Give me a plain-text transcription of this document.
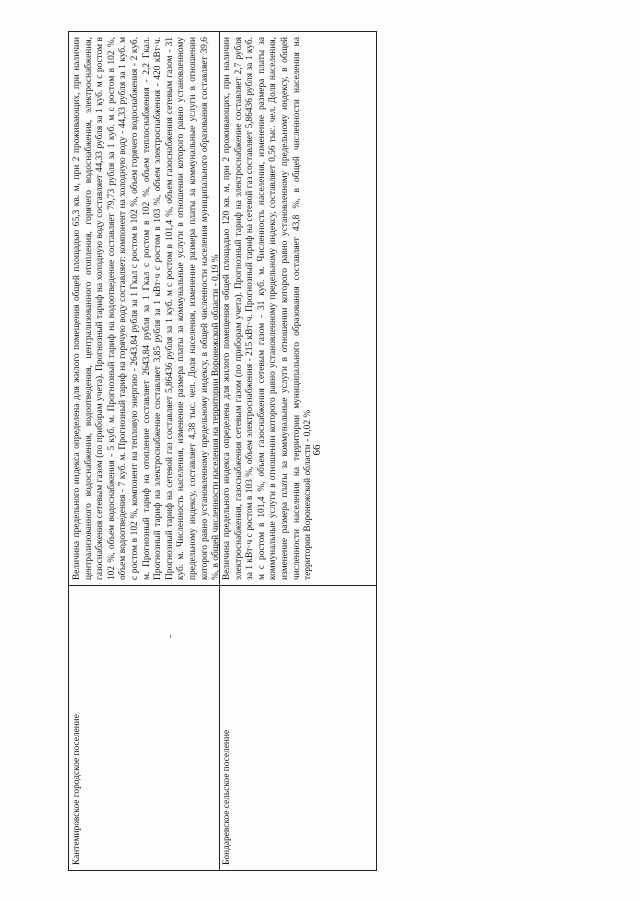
66
Кантемировское городское поселение
Величина предельного индекса определена для жилого помещения общей площадью 65,3 кв. м, при 2 проживающих, при наличии централизованного водоснабжения, водоотведения, централизованного отопления, горячего водоснабжения, электроснабжения, газоснабжения сетевым газом (по приборам учета). Прогнозный тариф на холодную воду составляет 44,33 рубля за 1 куб. м с ростом в 102 %, объем водоснабжения - 5 куб. м. Прогнозный тариф на водоотведение составляет 79,73 рубля за 1 куб. м с ростом в 102 %, объем водоотведения - 7 куб. м. Прогнозный тариф на горячую воду составляет: компонент на холодную воду - 44,33 рубля за 1 куб. м с ростом в 102 %, компонент на тепловую энергию - 2643,84 рубля за 1 Гкал с ростом в 102 %, объем горячего водоснабжения - 2 куб. м. Прогнозный тариф на отопление составляет 2643,84 рубля за 1 Гкал с ростом в 102 %, объем теплоснабжения - 2,2 Гкал. Прогнозный тариф на электроснабжение составляет 3,85 рубля за 1 кВт·ч с ростом в 103 %, объем электроснабжения - 420 кВт·ч. Прогнозный тариф на сетевой газ составляет 5,86436 рубля за 1 куб. м с ростом в 101,4 %, объем газоснабжения сетевым газом - 31 куб. м. Численность населения, изменение размера платы за коммунальные услуги в отношении которого равно установленному предельному индексу, составляет 4,38 тыс. чел. Доля населения, изменение размера платы за коммунальные услуги в отношении которого равно установленному предельному индексу, в общей численности населения муниципального образования составляет 39,6 %, в общей численности населения на территории Воронежской области - 0,19 %
Бондаревское сельское поселение
Величина предельного индекса определена для жилого помещения общей площадью 120 кв. м, при 2 проживающих, при наличии электроснабжения, газоснабжения сетевым газом (по приборам учета). Прогнозный тариф на электроснабжение составляет 2,7 рубля за 1 кВт·ч с ростом в 103 %, объем электроснабжения - 215 кВт·ч. Прогнозный тариф на сетевой газ составляет 5,86436 рубля за 1 куб. м с ростом в 101,4 %, объем газоснабжения сетевым газом - 31 куб. м. Численность населения, изменение размера платы за коммунальные услуги в отношении которого равно установленному предельному индексу, составляет 0,56 тыс. чел. Доля населения, изменение размера платы за коммунальные услуги в отношении которого равно установленному предельному индексу, в общей численности населения на территории муниципального образования составляет 43,8 %, в общей численности населения на территории Воронежской области - 0,02 %
